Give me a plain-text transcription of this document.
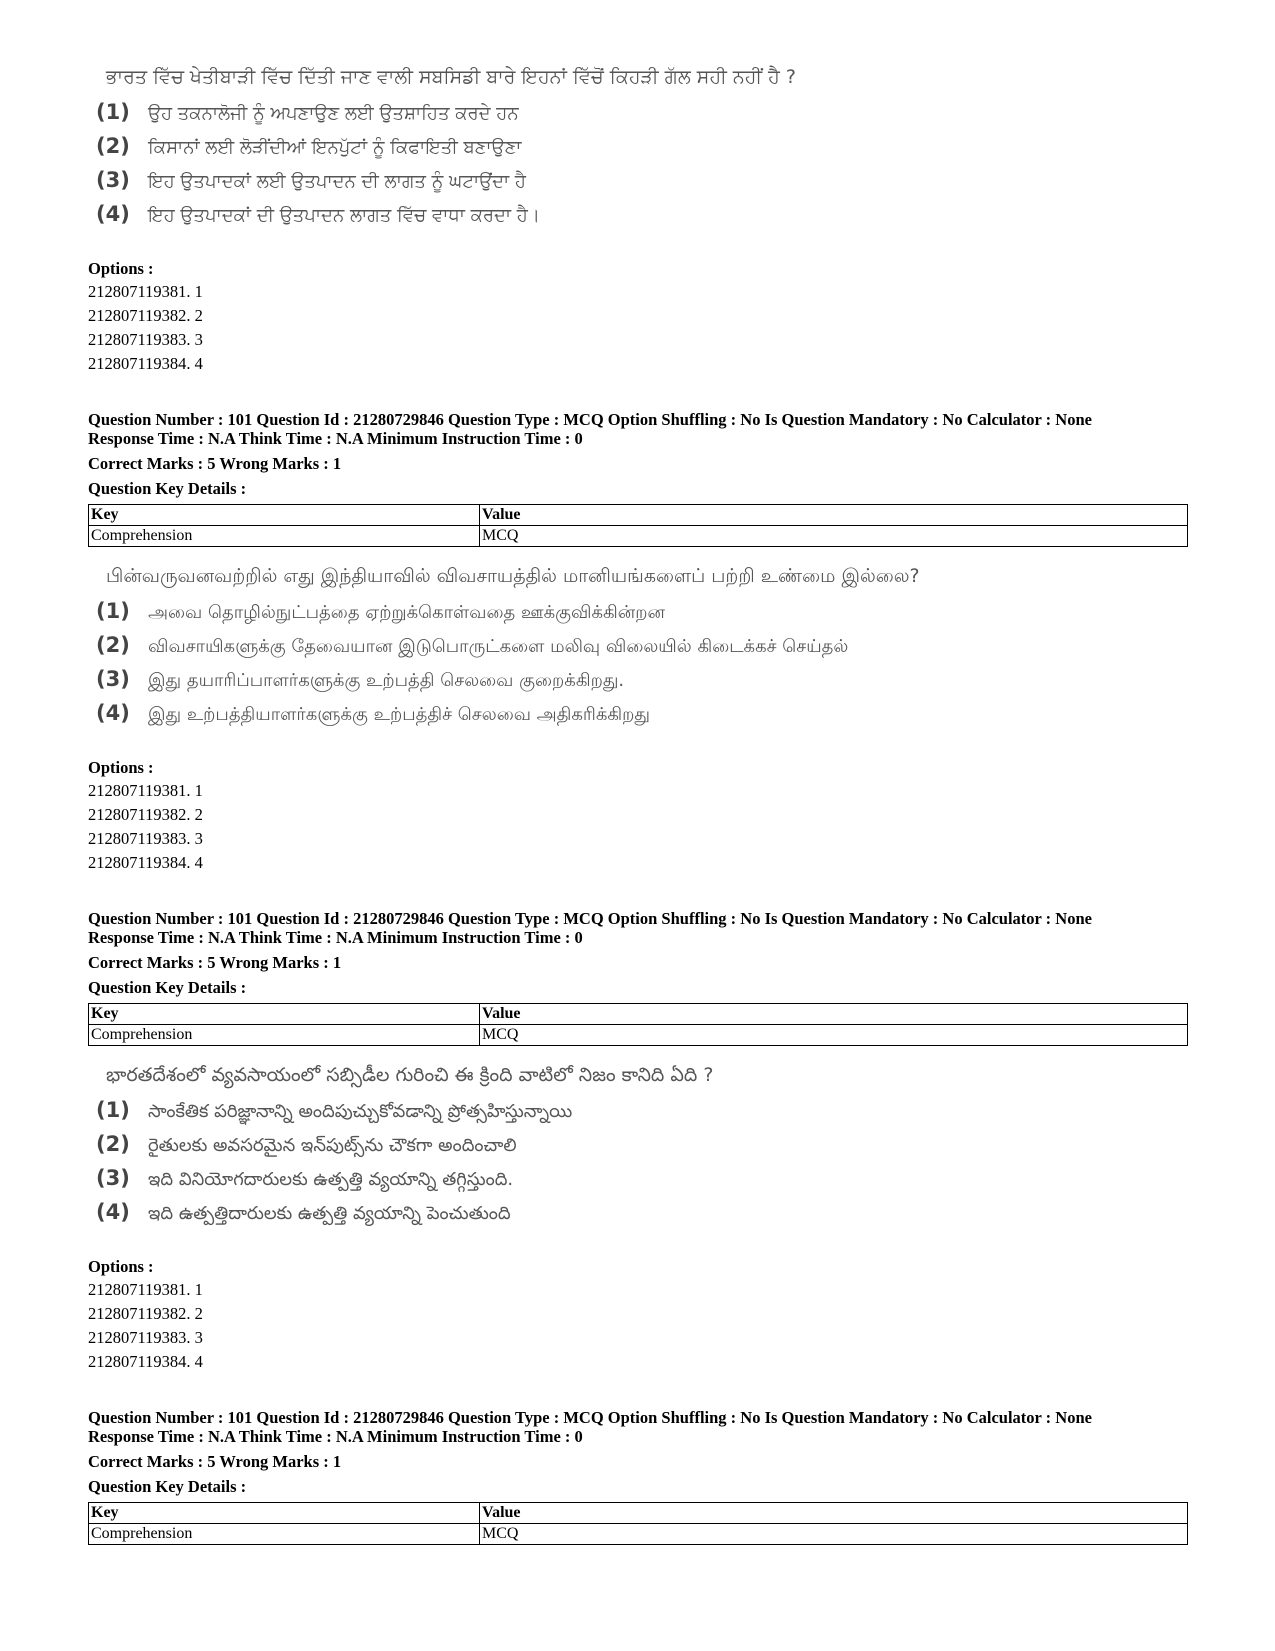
ਭਾਰਤ ਵਿੱਚ ਖੇਤੀਬਾੜੀ ਵਿੱਚ ਦਿੱਤੀ ਜਾਣ ਵਾਲੀ ਸਬਸਿਡੀ ਬਾਰੇ ਇਹਨਾਂ ਵਿੱਚੋਂ ਕਿਹੜੀ ਗੱਲ ਸਹੀ ਨਹੀਂ ਹੈ ?
(1)	ਉਹ ਤਕਨਾਲੋਜੀ ਨੂੰ ਅਪਣਾਉਣ ਲਈ ਉਤਸ਼ਾਹਿਤ ਕਰਦੇ ਹਨ
(2)	ਕਿਸਾਨਾਂ ਲਈ ਲੋੜੀਂਦੀਆਂ ਇਨਪੁੱਟਾਂ ਨੂੰ ਕਿਫਾਇਤੀ ਬਣਾਉਣਾ
(3)	ਇਹ ਉਤਪਾਦਕਾਂ ਲਈ ਉਤਪਾਦਨ ਦੀ ਲਾਗਤ ਨੂੰ ਘਟਾਉਂਦਾ ਹੈ
(4)	ਇਹ ਉਤਪਾਦਕਾਂ ਦੀ ਉਤਪਾਦਨ ਲਾਗਤ ਵਿੱਚ ਵਾਧਾ ਕਰਦਾ ਹੈ।
Options :
212807119381. 1
212807119382. 2
212807119383. 3
212807119384. 4
Question Number : 101 Question Id : 21280729846 Question Type : MCQ Option Shuffling : No Is Question Mandatory : No Calculator : None
Response Time : N.A Think Time : N.A Minimum Instruction Time : 0
Correct Marks : 5 Wrong Marks : 1
Question Key Details :
Key	Value
Comprehension	MCQ
பின்வருவனவற்றில் எது இந்தியாவில் விவசாயத்தில் மானியங்களைப் பற்றி உண்மை இல்லை?
(1)	அவை தொழில்நுட்பத்தை ஏற்றுக்கொள்வதை ஊக்குவிக்கின்றன
(2)	விவசாயிகளுக்கு தேவையான இடுபொருட்களை மலிவு விலையில் கிடைக்கச் செய்தல்
(3)	இது தயாரிப்பாளர்களுக்கு உற்பத்தி செலவை குறைக்கிறது.
(4)	இது உற்பத்தியாளர்களுக்கு உற்பத்திச் செலவை அதிகரிக்கிறது
Options :
212807119381. 1
212807119382. 2
212807119383. 3
212807119384. 4
Question Number : 101 Question Id : 21280729846 Question Type : MCQ Option Shuffling : No Is Question Mandatory : No Calculator : None
Response Time : N.A Think Time : N.A Minimum Instruction Time : 0
Correct Marks : 5 Wrong Marks : 1
Question Key Details :
Key	Value
Comprehension	MCQ
భారతదేశంలో వ్యవసాయంలో సబ్సిడీల గురించి ఈ క్రింది వాటిలో నిజం కానిది ఏది ?
(1)	సాంకేతిక పరిజ్ఞానాన్ని అందిపుచ్చుకోవడాన్ని ప్రోత్సహిస్తున్నాయి
(2)	రైతులకు అవసరమైన ఇన్‌పుట్స్‌ను చౌకగా అందించాలి
(3)	ఇది వినియోగదారులకు ఉత్పత్తి వ్యయాన్ని తగ్గిస్తుంది.
(4)	ఇది ఉత్పత్తిదారులకు ఉత్పత్తి వ్యయాన్ని పెంచుతుంది
Options :
212807119381. 1
212807119382. 2
212807119383. 3
212807119384. 4
Question Number : 101 Question Id : 21280729846 Question Type : MCQ Option Shuffling : No Is Question Mandatory : No Calculator : None
Response Time : N.A Think Time : N.A Minimum Instruction Time : 0
Correct Marks : 5 Wrong Marks : 1
Question Key Details :
Key	Value
Comprehension	MCQ
